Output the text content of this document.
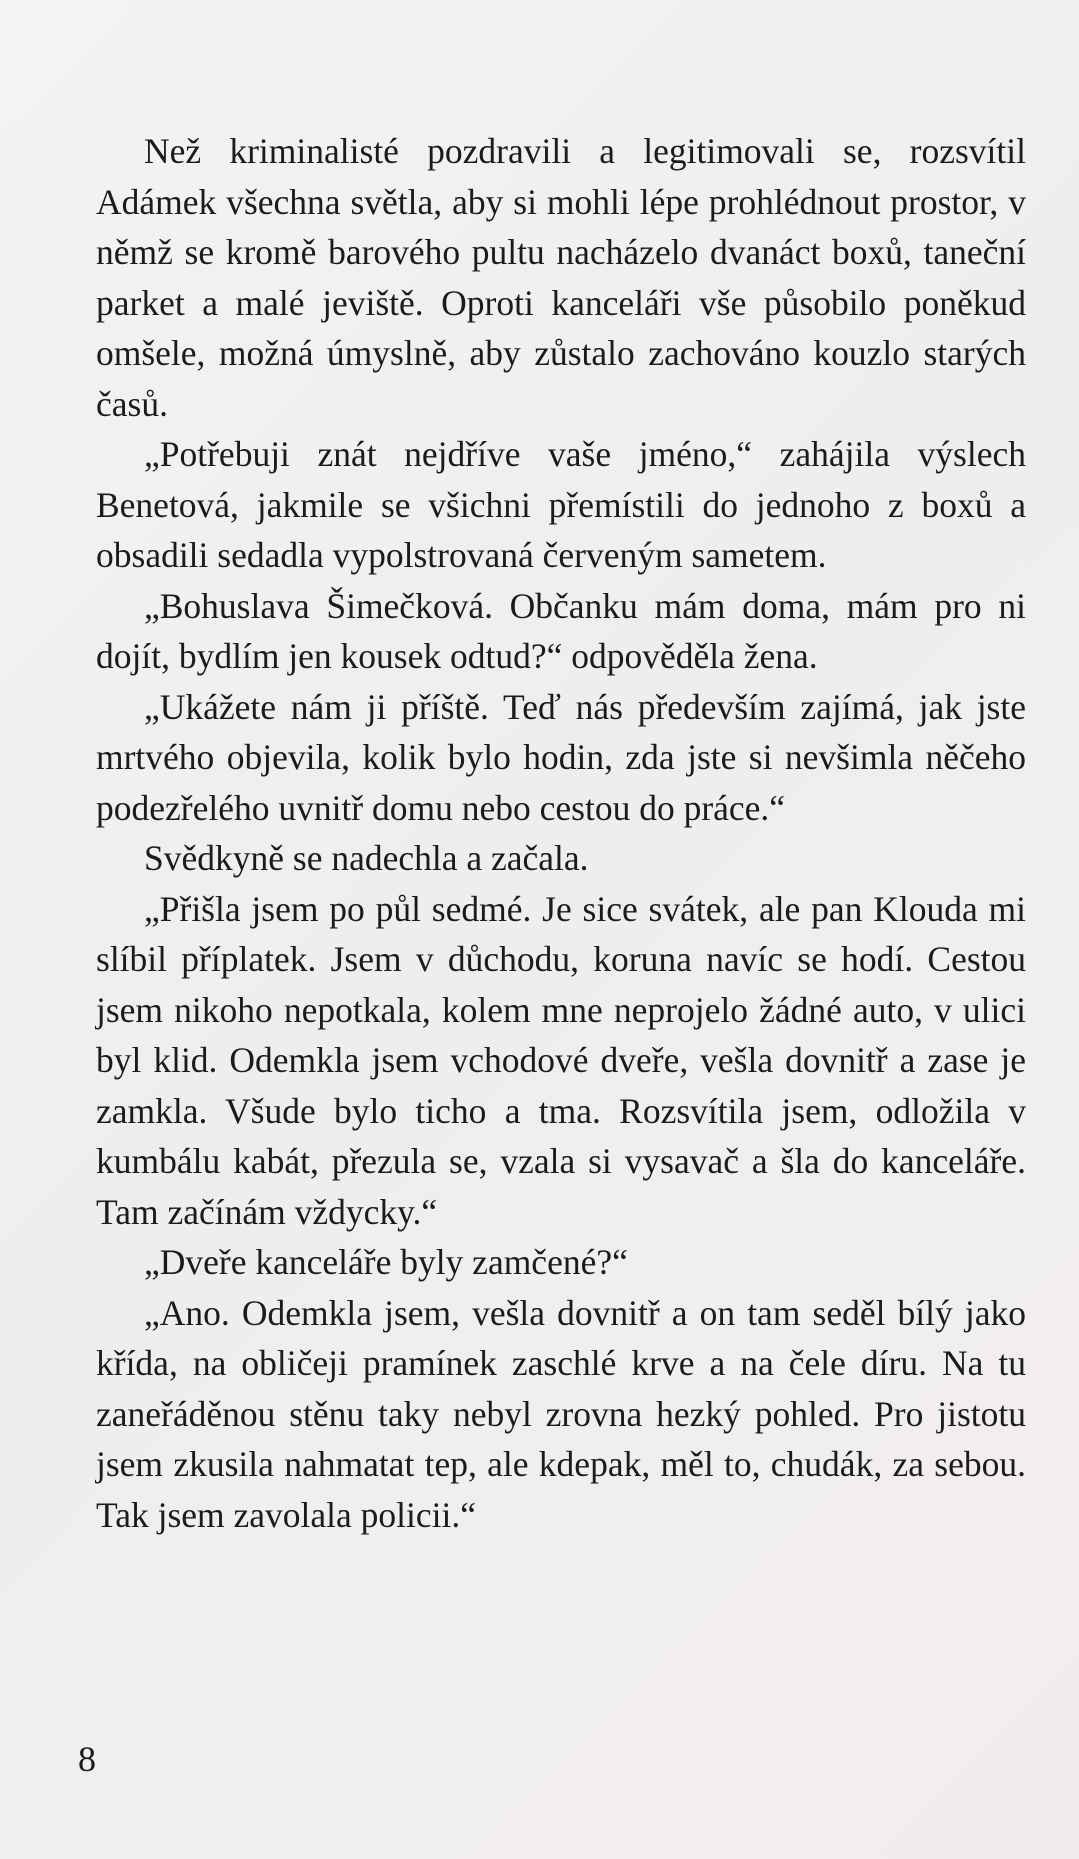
Než kriminalisté pozdravili a legitimovali se, rozsvítil Adámek všechna světla, aby si mohli lépe prohlédnout prostor, v němž se kromě barového pultu nacházelo dvanáct boxů, taneční parket a malé jeviště. Oproti kanceláři vše působilo poněkud omšele, možná úmyslně, aby zůstalo zachováno kouzlo starých časů.

„Potřebuji znát nejdříve vaše jméno,“ zahájila výslech Benetová, jakmile se všichni přemístili do jednoho z boxů a obsadili sedadla vypolstrovaná červeným sametem.

„Bohuslava Šimečková. Občanku mám doma, mám pro ni dojít, bydlím jen kousek odtud?“ odpověděla žena.

„Ukážete nám ji příště. Teď nás především zajímá, jak jste mrtvého objevila, kolik bylo hodin, zda jste si nevšimla něčeho podezřelého uvnitř domu nebo cestou do práce.“

Svědkyně se nadechla a začala.

„Přišla jsem po půl sedmé. Je sice svátek, ale pan Klouda mi slíbil příplatek. Jsem v důchodu, koruna navíc se hodí. Cestou jsem nikoho nepotkala, kolem mne neprojelo žádné auto, v ulici byl klid. Odemkla jsem vchodové dveře, vešla dovnitř a zase je zamkla. Všude bylo ticho a tma. Rozsvítila jsem, odložila v kumbálu kabát, přezula se, vzala si vysavač a šla do kanceláře. Tam začínám vždycky.“

„Dveře kanceláře byly zamčené?“

„Ano. Odemkla jsem, vešla dovnitř a on tam seděl bílý jako křída, na obličeji pramínek zaschlé krve a na čele díru. Na tu zaneřáděnou stěnu taky nebyl zrovna hezký pohled. Pro jistotu jsem zkusila nahmatat tep, ale kdepak, měl to, chudák, za sebou. Tak jsem zavolala policii.“

8
